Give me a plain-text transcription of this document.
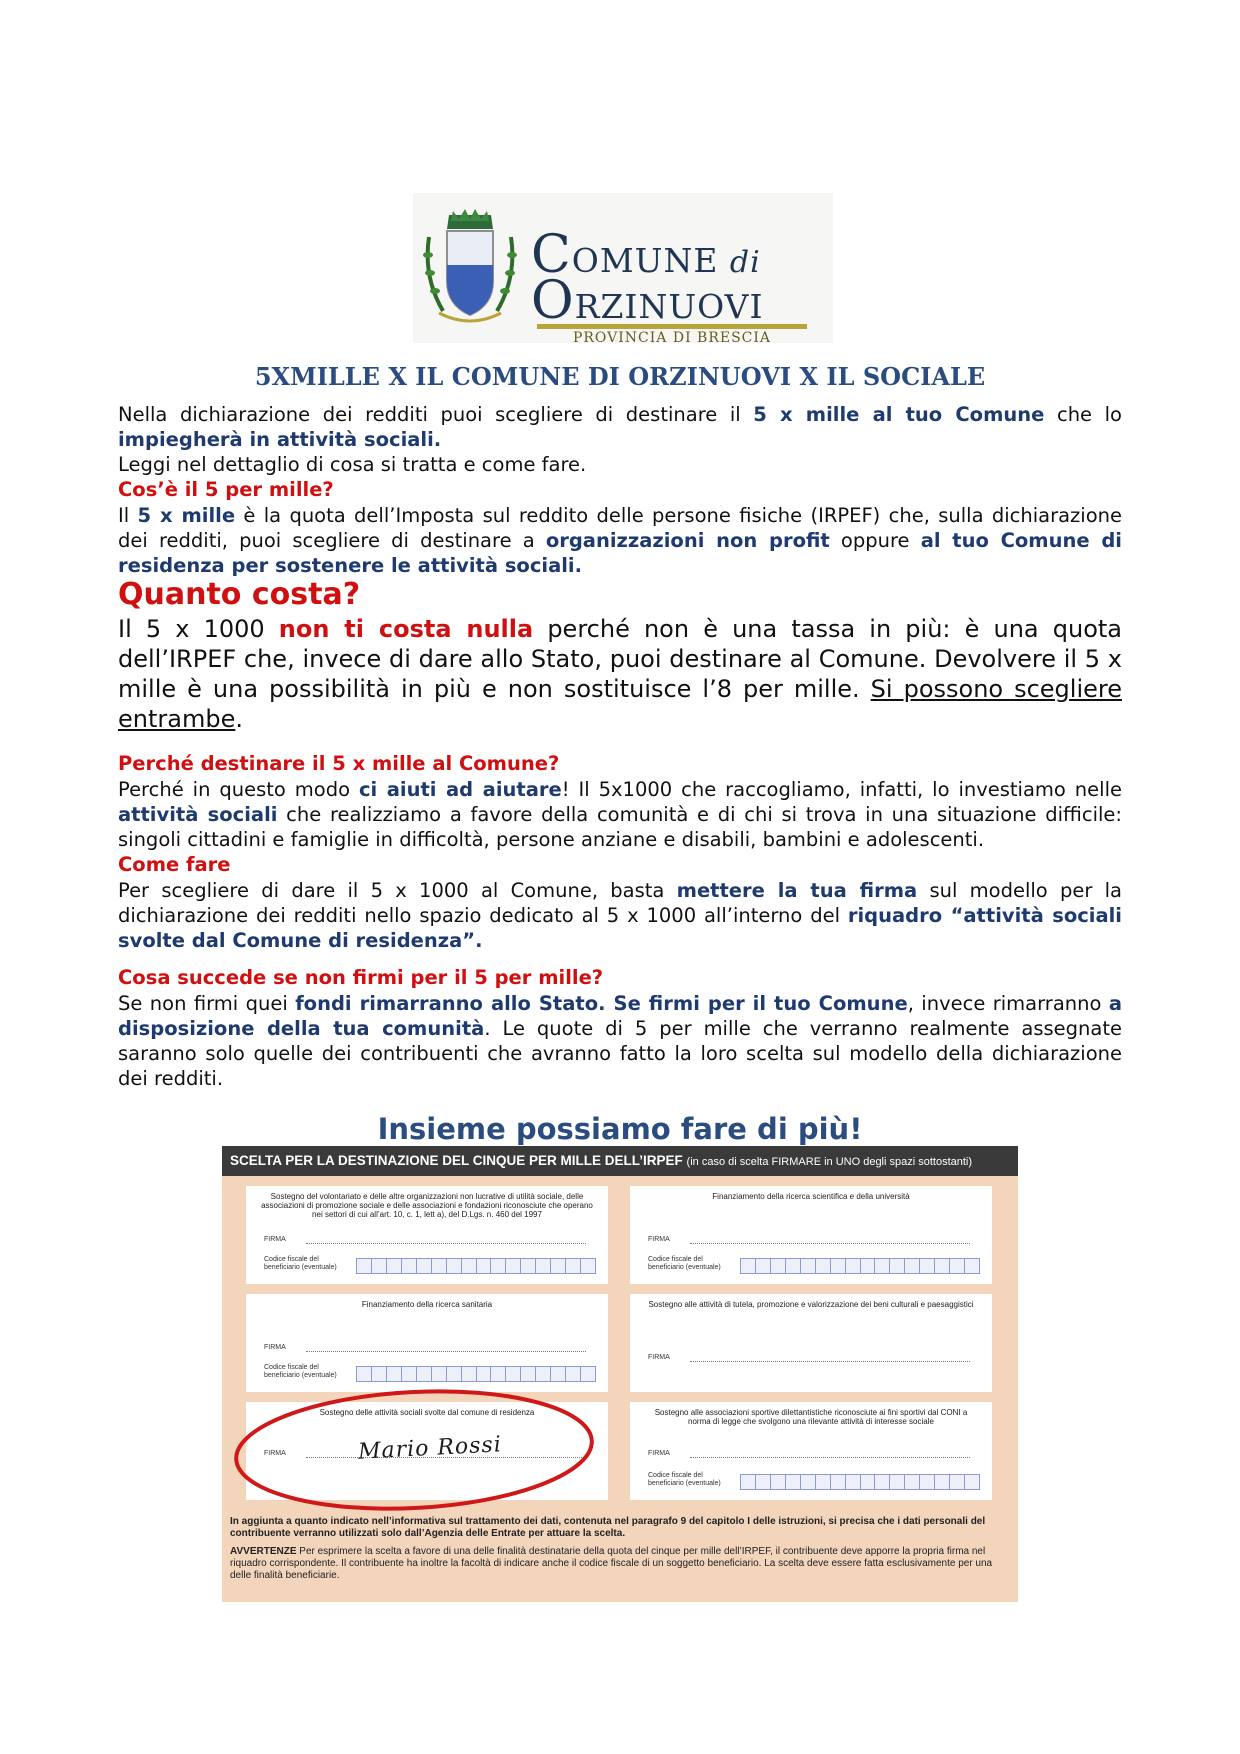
COMUNE di
ORZINUOVI
PROVINCIA DI BRESCIA
5XMILLE X IL COMUNE DI ORZINUOVI X IL SOCIALE
Nella dichiarazione dei redditi puoi scegliere di destinare il 5 x mille al tuo Comune che lo impiegherà in attività sociali.
Leggi nel dettaglio di cosa si tratta e come fare.
Cos’è il 5 per mille?
Il 5 x mille è la quota dell’Imposta sul reddito delle persone fisiche (IRPEF) che, sulla dichiarazione dei redditi, puoi scegliere di destinare a organizzazioni non profit oppure al tuo Comune di residenza per sostenere le attività sociali.
Quanto costa?
Il 5 x 1000 non ti costa nulla perché non è una tassa in più: è una quota dell’IRPEF che, invece di dare allo Stato, puoi destinare al Comune. Devolvere il 5 x mille è una possibilità in più e non sostituisce l’8 per mille. Si possono scegliere entrambe.
Perché destinare il 5 x mille al Comune?
Perché in questo modo ci aiuti ad aiutare! Il 5x1000 che raccogliamo, infatti, lo investiamo nelle attività sociali che realizziamo a favore della comunità e di chi si trova in una situazione difficile: singoli cittadini e famiglie in difficoltà, persone anziane e disabili, bambini e adolescenti.
Come fare
Per scegliere di dare il 5 x 1000 al Comune, basta mettere la tua firma sul modello per la dichiarazione dei redditi nello spazio dedicato al 5 x 1000 all’interno del riquadro “attività sociali svolte dal Comune di residenza”.
Cosa succede se non firmi per il 5 per mille?
Se non firmi quei fondi rimarranno allo Stato. Se firmi per il tuo Comune, invece rimarranno a disposizione della tua comunità. Le quote di 5 per mille che verranno realmente assegnate saranno solo quelle dei contribuenti che avranno fatto la loro scelta sul modello della dichiarazione dei redditi.
Insieme possiamo fare di più!
SCELTA PER LA DESTINAZIONE DEL CINQUE PER MILLE DELL’IRPEF (in caso di scelta FIRMARE in UNO degli spazi sottostanti)
Sostegno del volontariato e delle altre organizzazioni non lucrative di utilità sociale, delle associazioni di promozione sociale e delle associazioni e fondazioni riconosciute che operano nei settori di cui all’art. 10, c. 1, lett a), del D.Lgs. n. 460 del 1997
FIRMA
Codice fiscale del beneficiario (eventuale)
Finanziamento della ricerca scientifica e della università
FIRMA
Codice fiscale del beneficiario (eventuale)
Finanziamento della ricerca sanitaria
FIRMA
Codice fiscale del beneficiario (eventuale)
Sostegno alle attività di tutela, promozione e valorizzazione dei beni culturali e paesaggistici
FIRMA
Sostegno delle attività sociali svolte dal comune di residenza
FIRMA	Mario Rossi
Sostegno alle associazioni sportive dilettantistiche riconosciute ai fini sportivi dal CONI a norma di legge che svolgono una rilevante attività di interesse sociale
FIRMA
Codice fiscale del beneficiario (eventuale)
In aggiunta a quanto indicato nell’informativa sul trattamento dei dati, contenuta nel paragrafo 9 del capitolo I delle istruzioni, si precisa che i dati personali del contribuente verranno utilizzati solo dall’Agenzia delle Entrate per attuare la scelta.
AVVERTENZE Per esprimere la scelta a favore di una delle finalità destinatarie della quota del cinque per mille dell’IRPEF, il contribuente deve apporre la propria firma nel riquadro corrispondente. Il contribuente ha inoltre la facoltà di indicare anche il codice fiscale di un soggetto beneficiario. La scelta deve essere fatta esclusivamente per una delle finalità beneficiarie.
